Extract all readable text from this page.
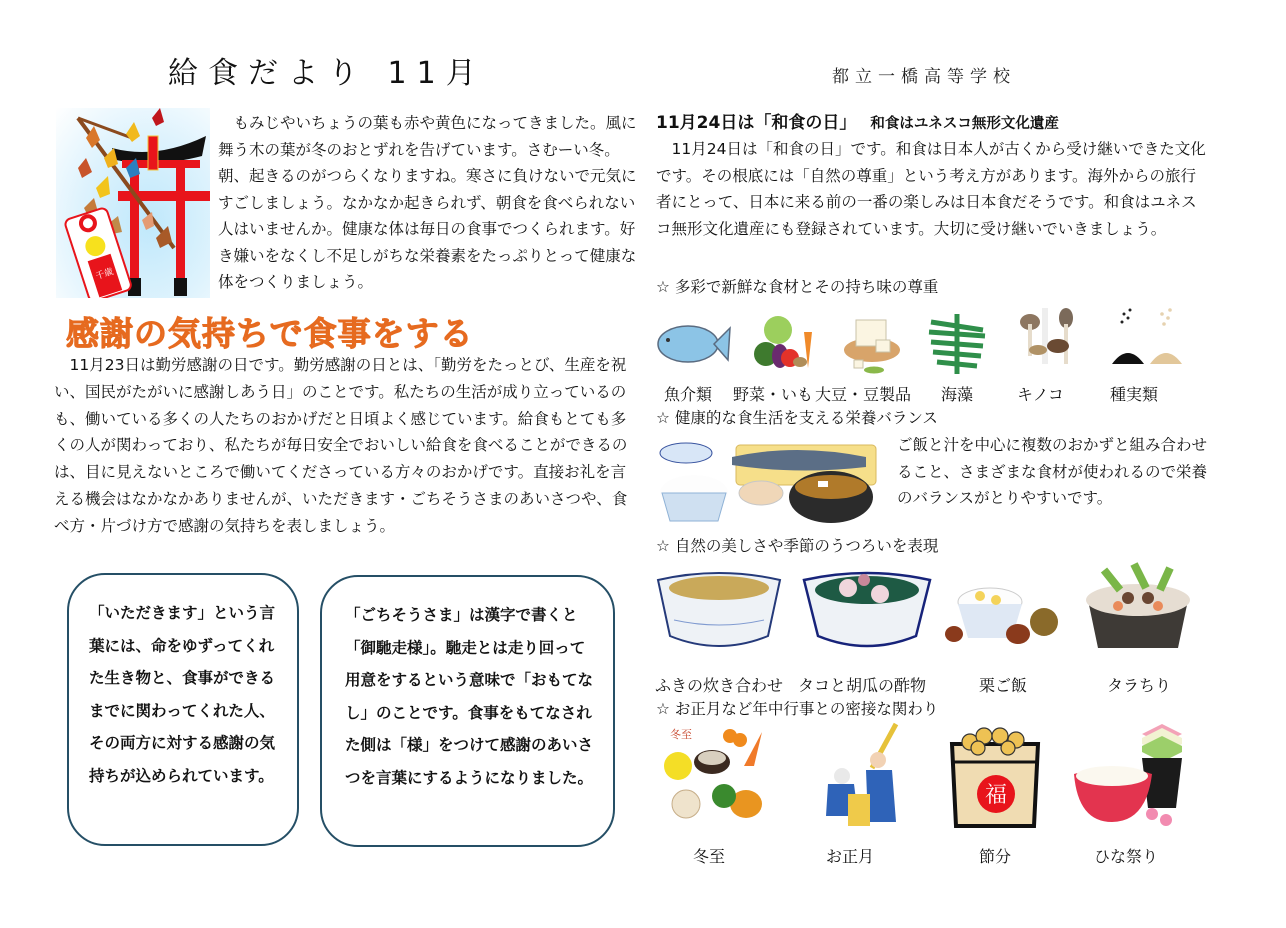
給食だより 11月	都立一橋高等学校
千歳
　もみじやいちょうの葉も赤や黄色になってきました。風に舞う木の葉が冬のおとずれを告げています。さむーい冬。朝、起きるのがつらくなりますね。寒さに負けないで元気にすごしましょう。なかなか起きられず、朝食を食べられない人はいませんか。健康な体は毎日の食事でつくられます。好き嫌いをなくし不足しがちな栄養素をたっぷりとって健康な体をつくりましょう。
感謝の気持ちで食事をする
　11月23日は勤労感謝の日です。勤労感謝の日とは、「勤労をたっとび、生産を祝い、国民がたがいに感謝しあう日」のことです。私たちの生活が成り立っているのも、働いている多くの人たちのおかげだと日頃よく感じています。給食もとても多くの人が関わっており、私たちが毎日安全でおいしい給食を食べることができるのは、目に見えないところで働いてくださっている方々のおかげです。直接お礼を言える機会はなかなかありませんが、いただきます・ごちそうさまのあいさつや、食べ方・片づけ方で感謝の気持ちを表しましょう。
「いただきます」という言葉には、命をゆずってくれた生き物と、食事ができるまでに関わってくれた人、その両方に対する感謝の気持ちが込められています。
「ごちそうさま」は漢字で書くと「御馳走様」。馳走とは走り回って用意をするという意味で「おもてなし」のことです。食事をもてなされた側は「様」をつけて感謝のあいさつを言葉にするようになりました。
11月24日は「和食の日」 和食はユネスコ無形文化遺産
　11月24日は「和食の日」です。和食は日本人が古くから受け継いできた文化です。その根底には「自然の尊重」という考え方があります。海外からの旅行者にとって、日本に来る前の一番の楽しみは日本食だそうです。和食はユネスコ無形文化遺産にも登録されています。大切に受け継いでいきましょう。
☆ 多彩で新鮮な食材とその持ち味の尊重
魚介類 野菜・いも 大豆・豆製品 海藻	キノコ	種実類
☆ 健康的な食生活を支える栄養バランス
ご飯と汁を中心に複数のおかずと組み合わせること、さまざまな食材が使われるので栄養のバランスがとりやすいです。
☆ 自然の美しさや季節のうつろいを表現
ふきの炊き合わせ タコと胡瓜の酢物	栗ご飯	タラちり
☆ お正月など年中行事との密接な関わり
冬至
福
冬至	お正月	節分	ひな祭り
